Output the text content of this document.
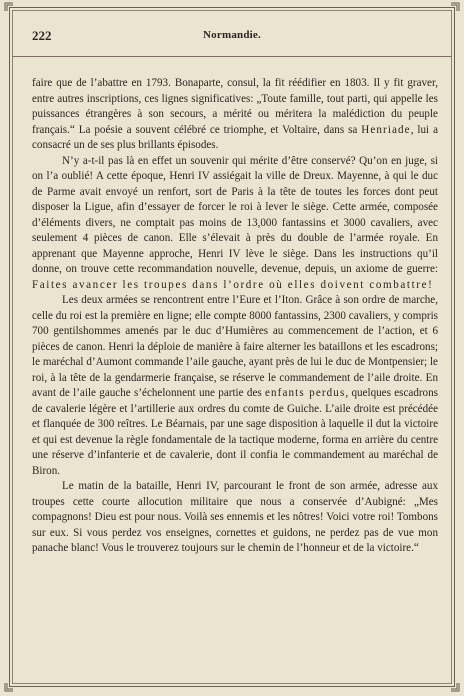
222	Normandie.

faire que de l’abattre en 1793. Bonaparte, consul, la fit réédifier en 1803. Il y fit graver, entre autres inscriptions, ces lignes significatives: „Toute famille, tout parti, qui appelle les puissances étrangères à son secours, a mérité ou méritera la malédiction du peuple français.“ La poésie a souvent célébré ce triomphe, et Voltaire, dans sa Henriade, lui a consacré un de ses plus brillants épisodes.

N’y a-t-il pas là en effet un souvenir qui mérite d’être conservé? Qu’on en juge, si on l’a oublié! A cette époque, Henri IV assiégait la ville de Dreux. Mayenne, à qui le duc de Parme avait envoyé un renfort, sort de Paris à la tête de toutes les forces dont peut disposer la Ligue, afin d’essayer de forcer le roi à lever le siège. Cette armée, composée d’éléments divers, ne comptait pas moins de 13,000 fantassins et 3000 cavaliers, avec seulement 4 pièces de canon. Elle s’élevait à près du double de l’armée royale. En apprenant que Mayenne approche, Henri IV lève le siège. Dans les instructions qu’il donne, on trouve cette recommandation nouvelle, devenue, depuis, un axiome de guerre: Faites avancer les troupes dans l’ordre où elles doivent combattre!

Les deux armées se rencontrent entre l’Eure et l’Iton. Grâce à son ordre de marche, celle du roi est la première en ligne; elle compte 8000 fantassins, 2300 cavaliers, y compris 700 gentilshommes amenés par le duc d’Humières au commencement de l’action, et 6 pièces de canon. Henri la déploie de manière à faire alterner les bataillons et les escadrons; le maréchal d’Aumont commande l’aile gauche, ayant près de lui le duc de Montpensier; le roi, à la tête de la gendarmerie française, se réserve le commandement de l’aile droite. En avant de l’aile gauche s’échelonnent une partie des enfants perdus, quelques escadrons de cavalerie légère et l’artillerie aux ordres du comte de Guiche. L’aile droite est précédée et flanquée de 300 reîtres. Le Béarnais, par une sage disposition à laquelle il dut la victoire et qui est devenue la règle fondamentale de la tactique moderne, forma en arrière du centre une réserve d’infanterie et de cavalerie, dont il confia le commandement au maréchal de Biron.

Le matin de la bataille, Henri IV, parcourant le front de son armée, adresse aux troupes cette courte allocution militaire que nous a conservée d’Aubigné: „Mes compagnons! Dieu est pour nous. Voilà ses ennemis et les nôtres! Voici votre roi! Tombons sur eux. Si vous perdez vos enseignes, cornettes et guidons, ne perdez pas de vue mon panache blanc! Vous le trouverez toujours sur le chemin de l’honneur et de la victoire.“
